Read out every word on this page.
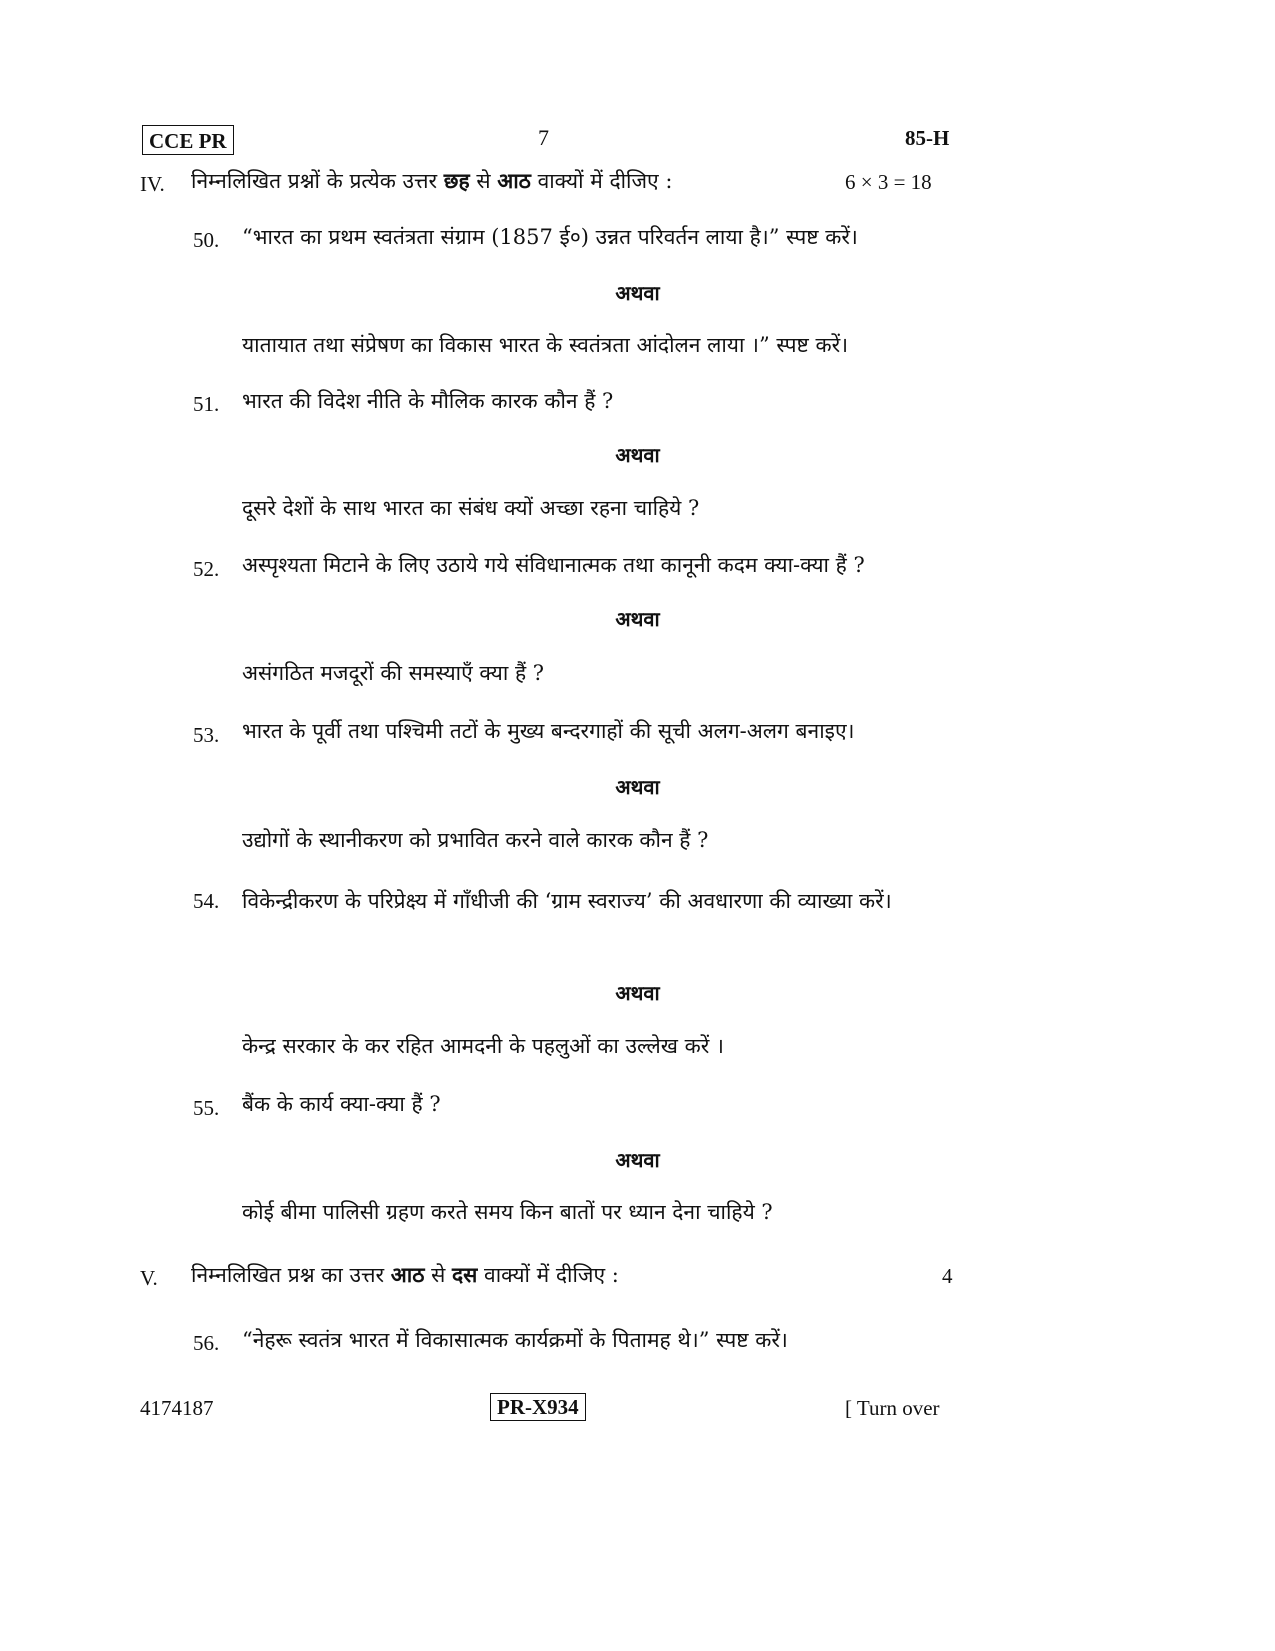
CCE PR	7	85-H
IV. निम्नलिखित प्रश्नों के प्रत्येक उत्तर छह से आठ वाक्यों में दीजिए :	6 × 3 = 18
50. “भारत का प्रथम स्वतंत्रता संग्राम (1857 ई०) उन्नत परिवर्तन लाया है।” स्पष्ट करें।
अथवा
यातायात तथा संप्रेषण का विकास भारत के स्वतंत्रता आंदोलन लाया ।” स्पष्ट करें।
51. भारत की विदेश नीति के मौलिक कारक कौन हैं ?
अथवा
दूसरे देशों के साथ भारत का संबंध क्यों अच्छा रहना चाहिये ?
52. अस्पृश्यता मिटाने के लिए उठाये गये संविधानात्मक तथा कानूनी कदम क्या-क्या हैं ?
अथवा
असंगठित मजदूरों की समस्याएँ क्या हैं ?
53. भारत के पूर्वी तथा पश्चिमी तटों के मुख्य बन्दरगाहों की सूची अलग-अलग बनाइए।
अथवा
उद्योगों के स्थानीकरण को प्रभावित करने वाले कारक कौन हैं ?
54. विकेन्द्रीकरण के परिप्रेक्ष्य में गाँधीजी की ‘ग्राम स्वराज्य’ की अवधारणा की व्याख्या करें।
अथवा
केन्द्र सरकार के कर रहित आमदनी के पहलुओं का उल्लेख करें ।
55. बैंक के कार्य क्या-क्या हैं ?
अथवा
कोई बीमा पालिसी ग्रहण करते समय किन बातों पर ध्यान देना चाहिये ?
V. निम्नलिखित प्रश्न का उत्तर आठ से दस वाक्यों में दीजिए :	4
56. “नेहरू स्वतंत्र भारत में विकासात्मक कार्यक्रमों के पितामह थे।” स्पष्ट करें।
4174187	PR-X934	[ Turn over
